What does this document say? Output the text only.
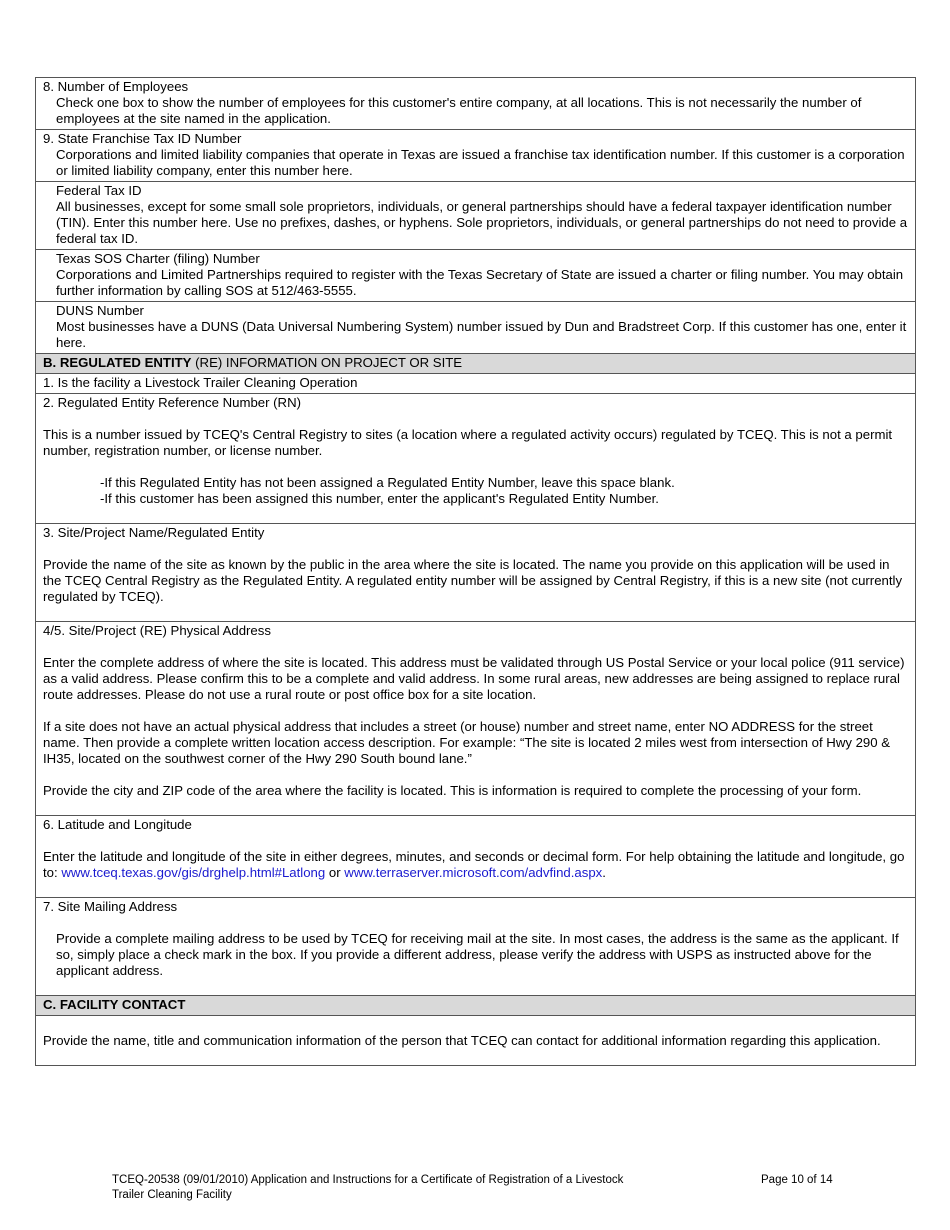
8. Number of Employees
Check one box to show the number of employees for this customer's entire company, at all locations. This is not necessarily the number of employees at the site named in the application.
9. State Franchise Tax ID Number
Corporations and limited liability companies that operate in Texas are issued a franchise tax identification number. If this customer is a corporation or limited liability company, enter this number here.
Federal Tax ID
All businesses, except for some small sole proprietors, individuals, or general partnerships should have a federal taxpayer identification number (TIN). Enter this number here. Use no prefixes, dashes, or hyphens. Sole proprietors, individuals, or general partnerships do not need to provide a federal tax ID.
Texas SOS Charter (filing) Number
Corporations and Limited Partnerships required to register with the Texas Secretary of State are issued a charter or filing number. You may obtain further information by calling SOS at 512/463-5555.
DUNS Number
Most businesses have a DUNS (Data Universal Numbering System) number issued by Dun and Bradstreet Corp. If this customer has one, enter it here.
B. REGULATED ENTITY (RE) INFORMATION ON PROJECT OR SITE
1. Is the facility a Livestock Trailer Cleaning Operation
2. Regulated Entity Reference Number (RN)

This is a number issued by TCEQ's Central Registry to sites (a location where a regulated activity occurs) regulated by TCEQ. This is not a permit number, registration number, or license number.

-If this Regulated Entity has not been assigned a Regulated Entity Number, leave this space blank.
-If this customer has been assigned this number, enter the applicant's Regulated Entity Number.
3. Site/Project Name/Regulated Entity

Provide the name of the site as known by the public in the area where the site is located. The name you provide on this application will be used in the TCEQ Central Registry as the Regulated Entity. A regulated entity number will be assigned by Central Registry, if this is a new site (not currently regulated by TCEQ).

4/5. Site/Project (RE) Physical Address

Enter the complete address of where the site is located. This address must be validated through US Postal Service or your local police (911 service) as a valid address. Please confirm this to be a complete and valid address. In some rural areas, new addresses are being assigned to replace rural route addresses. Please do not use a rural route or post office box for a site location.

If a site does not have an actual physical address that includes a street (or house) number and street name, enter NO ADDRESS for the street name. Then provide a complete written location access description. For example: “The site is located 2 miles west from intersection of Hwy 290 & IH35, located on the southwest corner of the Hwy 290 South bound lane.”

Provide the city and ZIP code of the area where the facility is located. This is information is required to complete the processing of your form.

6. Latitude and Longitude

Enter the latitude and longitude of the site in either degrees, minutes, and seconds or decimal form. For help obtaining the latitude and longitude, go to: www.tceq.texas.gov/gis/drghelp.html#Latlong or www.terraserver.microsoft.com/advfind.aspx.

7. Site Mailing Address

Provide a complete mailing address to be used by TCEQ for receiving mail at the site. In most cases, the address is the same as the applicant. If so, simply place a check mark in the box. If you provide a different address, please verify the address with USPS as instructed above for the applicant address.

C. FACILITY CONTACT

Provide the name, title and communication information of the person that TCEQ can contact for additional information regarding this application.

TCEQ-20538 (09/01/2010) Application and Instructions for a Certificate of Registration of a Livestock Trailer Cleaning Facility
Page 10 of 14
